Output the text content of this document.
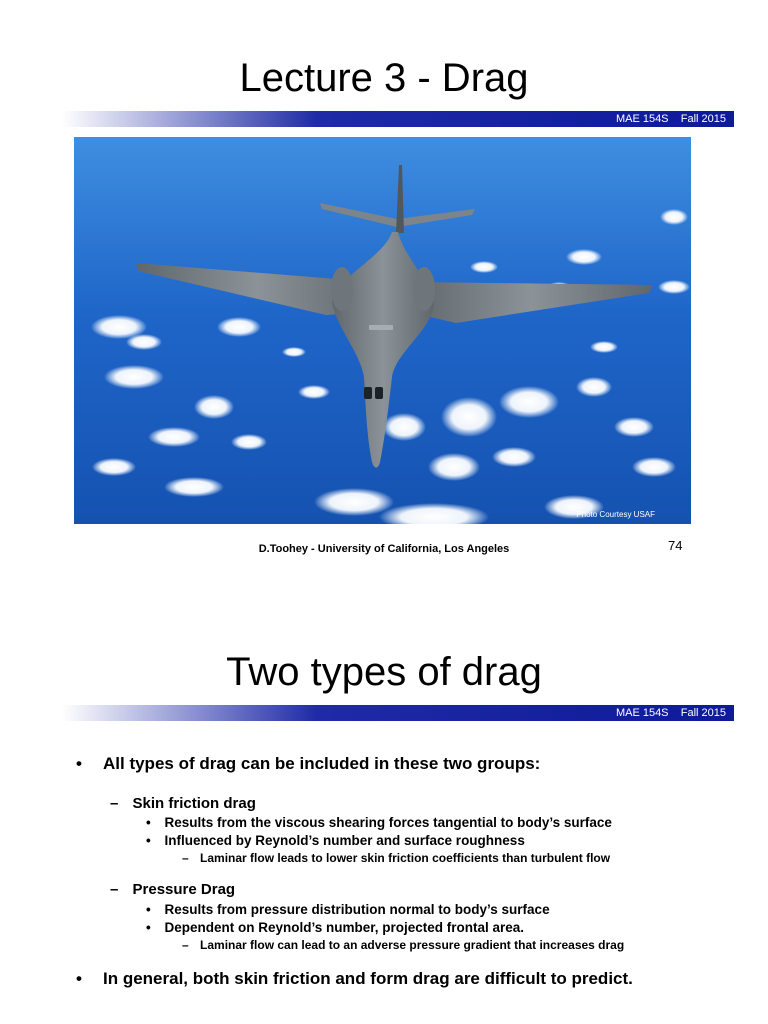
Lecture 3 - Drag
MAE 154S    Fall 2015
Photo Courtesy USAF
D.Toohey - University of California, Los Angeles	74
Two types of drag
MAE 154S    Fall 2015
• All types of drag can be included in these two groups:
– Skin friction drag
• Results from the viscous shearing forces tangential to body’s surface
• Influenced by Reynold’s number and surface roughness
– Laminar flow leads to lower skin friction coefficients than turbulent flow
– Pressure Drag
• Results from pressure distribution normal to body’s surface
• Dependent on Reynold’s number, projected frontal area.
– Laminar flow can lead to an adverse pressure gradient that increases drag
• In general, both skin friction and form drag are difficult to predict.
